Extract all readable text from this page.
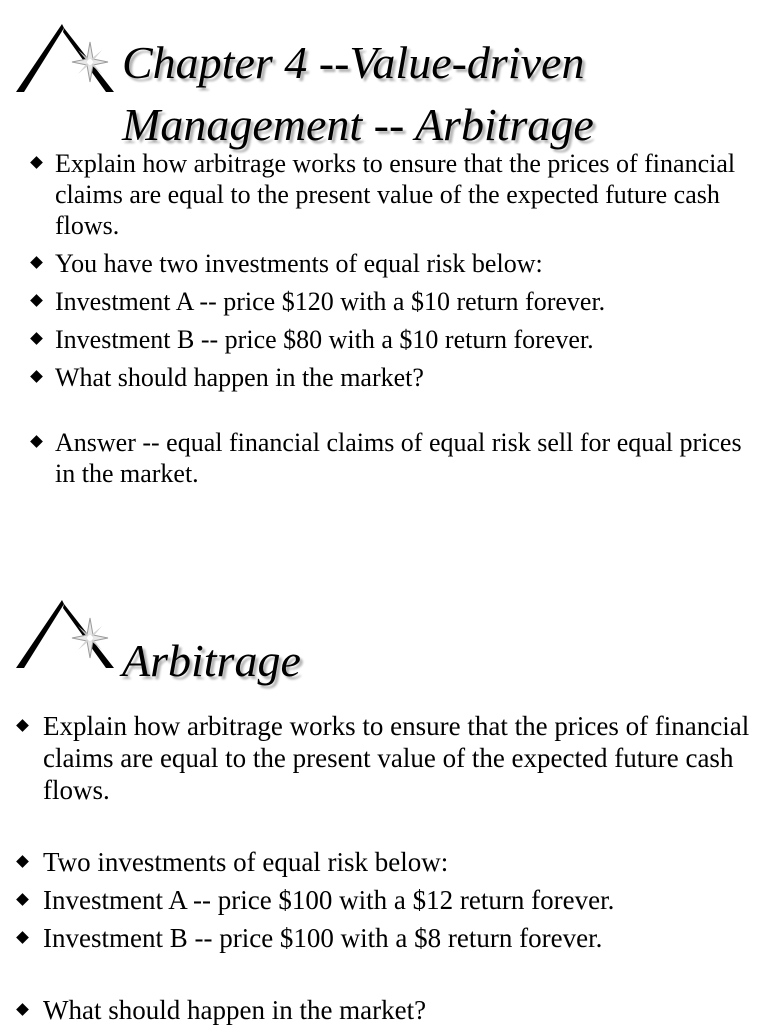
Chapter 4 --Value-driven
Management -- Arbitrage
Explain how arbitrage works to ensure that the prices of financial claims are equal to the present value of the expected future cash flows.
You have two investments of equal risk below:
Investment A -- price $120 with a $10 return forever.
Investment B -- price $80 with a $10 return forever.
What should happen in the market?
Answer -- equal financial claims of equal risk sell for equal prices in the market.
Arbitrage
Explain how arbitrage works to ensure that the prices of financial claims are equal to the present value of the expected future cash flows.
Two investments of equal risk below:
Investment A -- price $100 with a $12 return forever.
Investment B -- price $100 with a $8 return forever.
What should happen in the market?
